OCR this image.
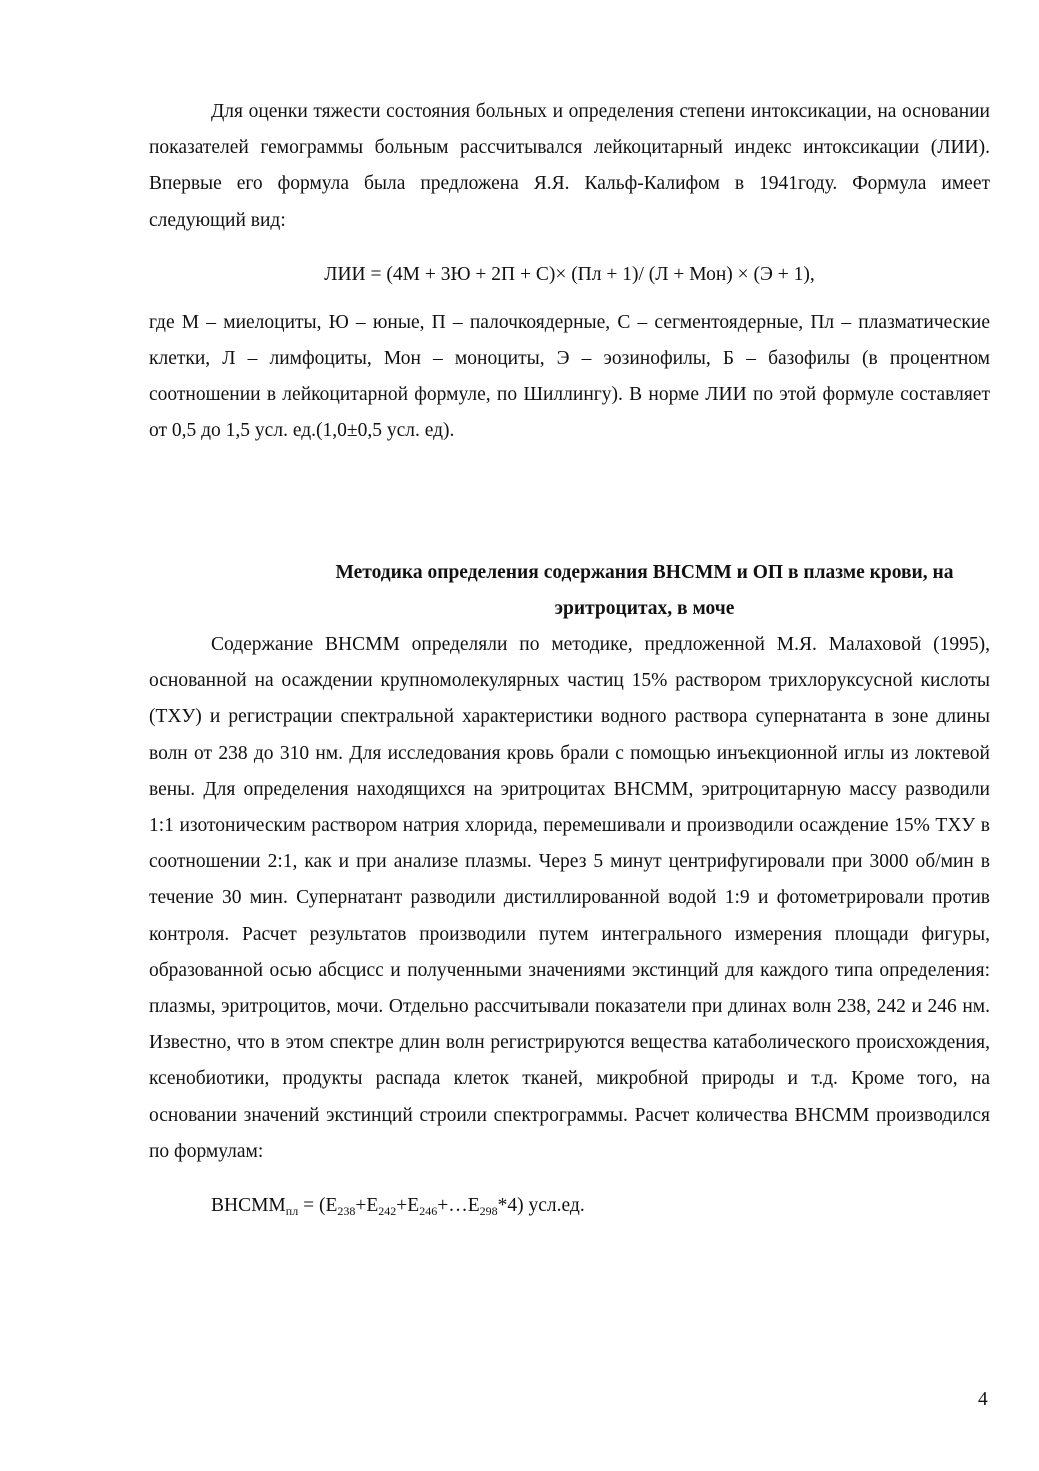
Для оценки тяжести состояния больных и определения степени интоксикации, на основании показателей гемограммы больным рассчитывался лейкоцитарный индекс интоксикации (ЛИИ). Впервые его формула была предложена Я.Я. Кальф-Калифом в 1941году. Формула имеет следующий вид:

ЛИИ = (4М + 3Ю + 2П + С)× (Пл + 1)/ (Л + Мон) × (Э + 1),

где М – миелоциты, Ю – юные, П – палочкоядерные, С – сегментоядерные, Пл – плазматические клетки, Л – лимфоциты, Мон – моноциты, Э – эозинофилы, Б – базофилы (в процентном соотношении в лейкоцитарной формуле, по Шиллингу). В норме ЛИИ по этой формуле составляет от 0,5 до 1,5 усл. ед.(1,0±0,5 усл. ед).

Методика определения содержания ВНСММ и ОП в плазме крови, на

эритроцитах, в моче

Содержание ВНСММ определяли по методике, предложенной М.Я. Малаховой (1995), основанной на осаждении крупномолекулярных частиц 15% раствором трихлоруксусной кислоты (ТХУ) и регистрации спектральной характеристики водного раствора супернатанта в зоне длины волн от 238 до 310 нм. Для исследования кровь брали с помощью инъекционной иглы из локтевой вены. Для определения находящихся на эритроцитах ВНСММ, эритроцитарную массу разводили 1:1 изотоническим раствором натрия хлорида, перемешивали и производили осаждение 15% ТХУ в соотношении 2:1, как и при анализе плазмы. Через 5 минут центрифугировали при 3000 об/мин в течение 30 мин. Супернатант разводили дистиллированной водой 1:9 и фотометрировали против контроля. Расчет результатов производили путем интегрального измерения площади фигуры, образованной осью абсцисс и полученными значениями экстинций для каждого типа определения: плазмы, эритроцитов, мочи. Отдельно рассчитывали показатели при длинах волн 238, 242 и 246 нм. Известно, что в этом спектре длин волн регистрируются вещества катаболического происхождения, ксенобиотики, продукты распада клеток тканей, микробной природы и т.д. Кроме того, на основании значений экстинций строили спектрограммы. Расчет количества ВНСММ производился по формулам:

$ВНСММ_{пл}$ = $(E_{238}+E_{242}+E_{246}+\dots E_{298}*4)$ усл.ед.

4
